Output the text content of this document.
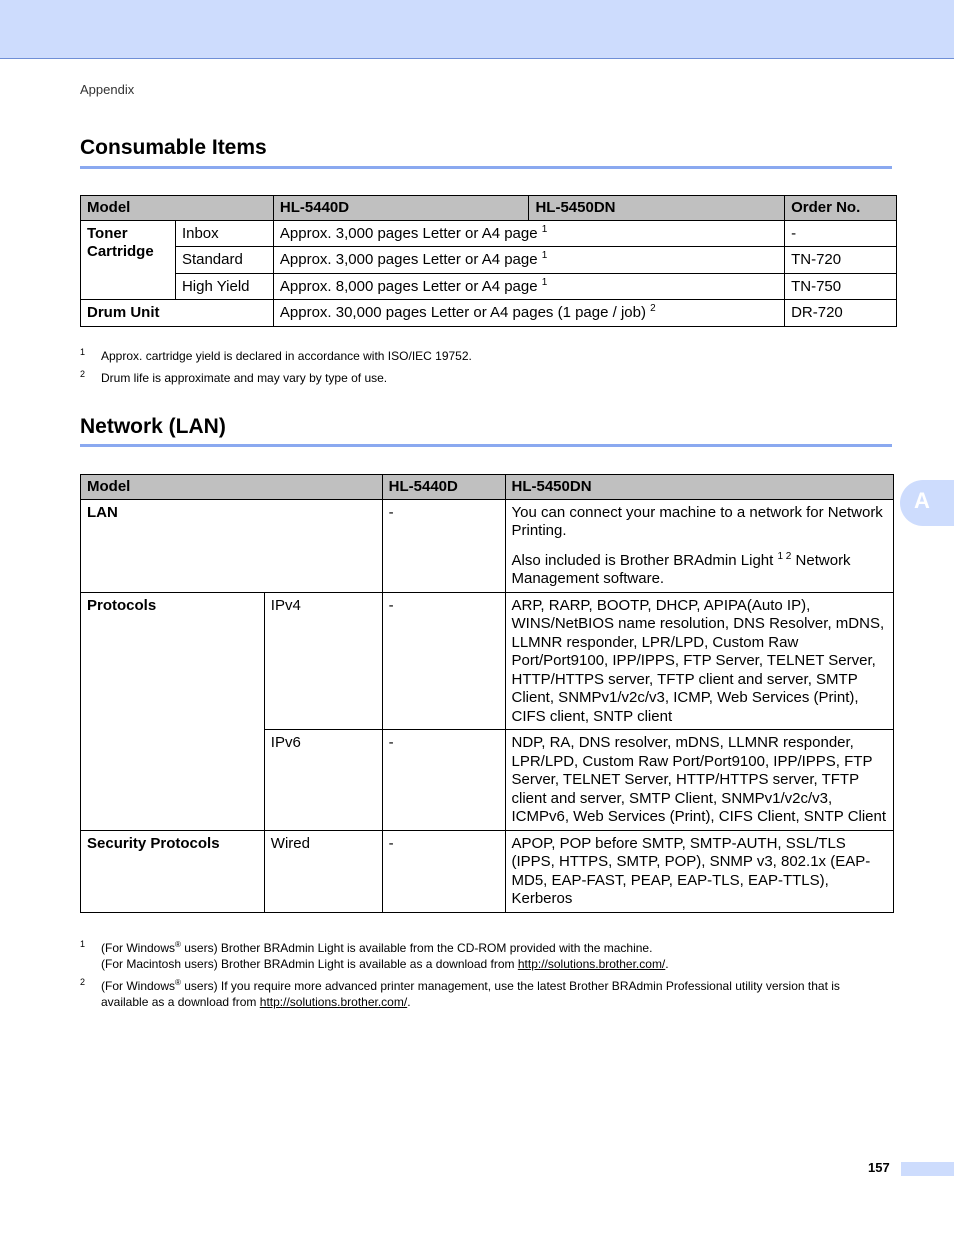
Appendix
Consumable Items
Model		HL-5440D	HL-5450DN	Order No.
Toner Cartridge	Inbox	Approx. 3,000 pages Letter or A4 page $^1$		-
	Standard	Approx. 3,000 pages Letter or A4 page $^1$		TN-720
	High Yield	Approx. 8,000 pages Letter or A4 page $^1$		TN-750
Drum Unit		Approx. 30,000 pages Letter or A4 pages (1 page / job) $^2$		DR-720
1 Approx. cartridge yield is declared in accordance with ISO/IEC 19752.
2 Drum life is approximate and may vary by type of use.
Network (LAN)
Model		HL-5440D	HL-5450DN
LAN		-	You can connect your machine to a network for Network Printing.

Also included is Brother BRAdmin Light $^{1 2}$ Network Management software.

Protocols	IPv4	-	ARP, RARP, BOOTP, DHCP, APIPA(Auto IP), WINS/NetBIOS name resolution, DNS Resolver, mDNS, LLMNR responder, LPR/LPD, Custom Raw Port/Port9100, IPP/IPPS, FTP Server, TELNET Server, HTTP/HTTPS server, TFTP client and server, SMTP Client, SNMPv1/v2c/v3, ICMP, Web Services (Print), CIFS client, SNTP client
	IPv6	-	NDP, RA, DNS resolver, mDNS, LLMNR responder, LPR/LPD, Custom Raw Port/Port9100, IPP/IPPS, FTP Server, TELNET Server, HTTP/HTTPS server, TFTP client and server, SMTP Client, SNMPv1/v2c/v3, ICMPv6, Web Services (Print), CIFS Client, SNTP Client
Security Protocols	Wired	-	APOP, POP before SMTP, SMTP-AUTH, SSL/TLS (IPPS, HTTPS, SMTP, POP), SNMP v3, 802.1x (EAP-MD5, EAP-FAST, PEAP, EAP-TLS, EAP-TTLS), Kerberos
1 (For Windows® users) Brother BRAdmin Light is available from the CD-ROM provided with the machine.
(For Macintosh users) Brother BRAdmin Light is available as a download from http://solutions.brother.com/.
2 (For Windows® users) If you require more advanced printer management, use the latest Brother BRAdmin Professional utility version that is
available as a download from http://solutions.brother.com/.
A
157
